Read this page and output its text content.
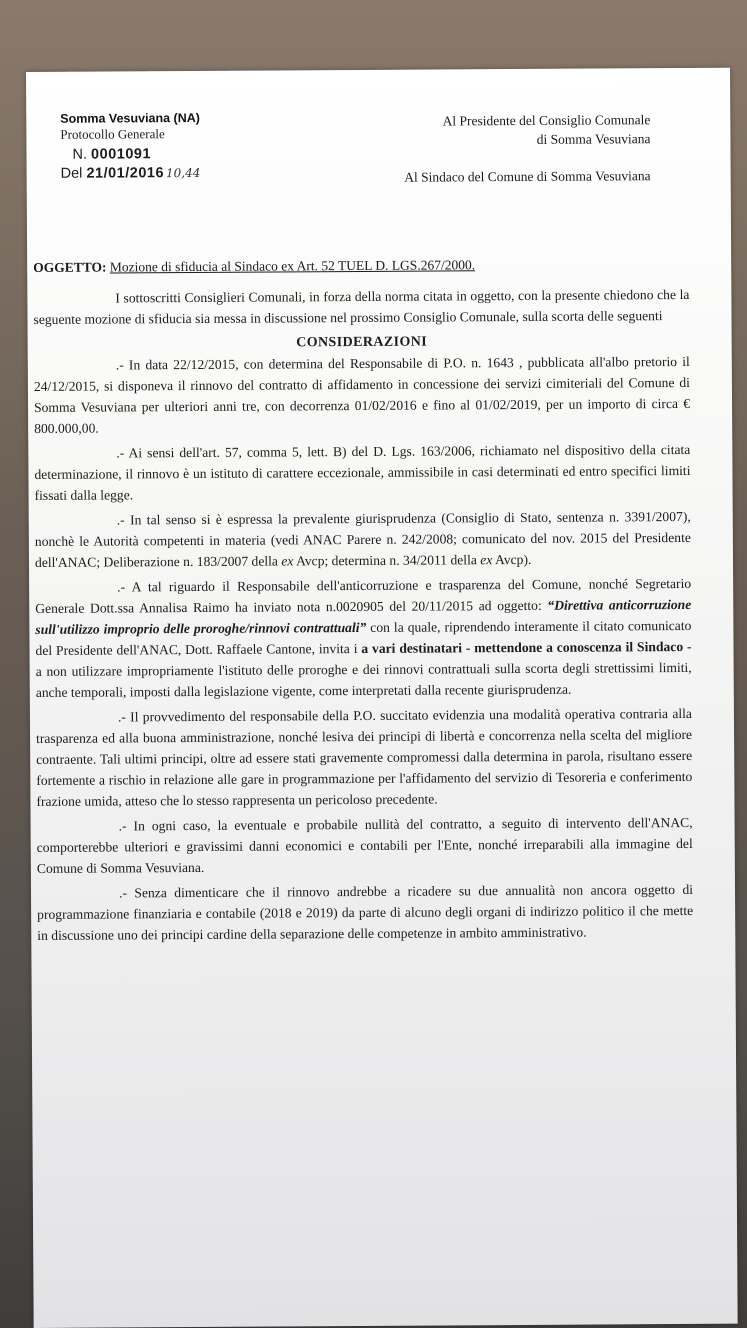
Somma Vesuviana (NA)
Protocollo Generale
N. 0001091
Del 21/01/2016 10,44
Al Presidente del Consiglio Comunale
di Somma Vesuviana
Al Sindaco del Comune di Somma Vesuviana
OGGETTO: Mozione di sfiducia al Sindaco ex Art. 52 TUEL D. LGS.267/2000.

I sottoscritti Consiglieri Comunali, in forza della norma citata in oggetto, con la presente chiedono che la seguente mozione di sfiducia sia messa in discussione nel prossimo Consiglio Comunale, sulla scorta delle seguenti

CONSIDERAZIONI

.- In data 22/12/2015, con determina del Responsabile di P.O. n. 1643 , pubblicata all'albo pretorio il 24/12/2015, si disponeva il rinnovo del contratto di affidamento in concessione dei servizi cimiteriali del Comune di Somma Vesuviana per ulteriori anni tre, con decorrenza 01/02/2016 e fino al 01/02/2019, per un importo di circa € 800.000,00.

.- Ai sensi dell'art. 57, comma 5, lett. B) del D. Lgs. 163/2006, richiamato nel dispositivo della citata determinazione, il rinnovo è un istituto di carattere eccezionale, ammissibile in casi determinati ed entro specifici limiti fissati dalla legge.

.- In tal senso si è espressa la prevalente giurisprudenza (Consiglio di Stato, sentenza n. 3391/2007), nonchè le Autorità competenti in materia (vedi ANAC Parere n. 242/2008; comunicato del nov. 2015 del Presidente dell'ANAC; Deliberazione n. 183/2007 della ex Avcp; determina n. 34/2011 della ex Avcp).

.- A tal riguardo il Responsabile dell'anticorruzione e trasparenza del Comune, nonché Segretario Generale Dott.ssa Annalisa Raimo ha inviato nota n.0020905 del 20/11/2015 ad oggetto: “Direttiva anticorruzione sull'utilizzo improprio delle proroghe/rinnovi contrattuali” con la quale, riprendendo interamente il citato comunicato del Presidente dell'ANAC, Dott. Raffaele Cantone, invita i a vari destinatari - mettendone a conoscenza il Sindaco - a non utilizzare impropriamente l'istituto delle proroghe e dei rinnovi contrattuali sulla scorta degli strettissimi limiti, anche temporali, imposti dalla legislazione vigente, come interpretati dalla recente giurisprudenza.

.- Il provvedimento del responsabile della P.O. succitato evidenzia una modalità operativa contraria alla trasparenza ed alla buona amministrazione, nonché lesiva dei principi di libertà e concorrenza nella scelta del migliore contraente. Tali ultimi principi, oltre ad essere stati gravemente compromessi dalla determina in parola, risultano essere fortemente a rischio in relazione alle gare in programmazione per l'affidamento del servizio di Tesoreria e conferimento frazione umida, atteso che lo stesso rappresenta un pericoloso precedente.

.- In ogni caso, la eventuale e probabile nullità del contratto, a seguito di intervento dell'ANAC, comporterebbe ulteriori e gravissimi danni economici e contabili per l'Ente, nonché irreparabili alla immagine del Comune di Somma Vesuviana.

.- Senza dimenticare che il rinnovo andrebbe a ricadere su due annualità non ancora oggetto di programmazione finanziaria e contabile (2018 e 2019) da parte di alcuno degli organi di indirizzo politico il che mette in discussione uno dei principi cardine della separazione delle competenze in ambito amministrativo.
